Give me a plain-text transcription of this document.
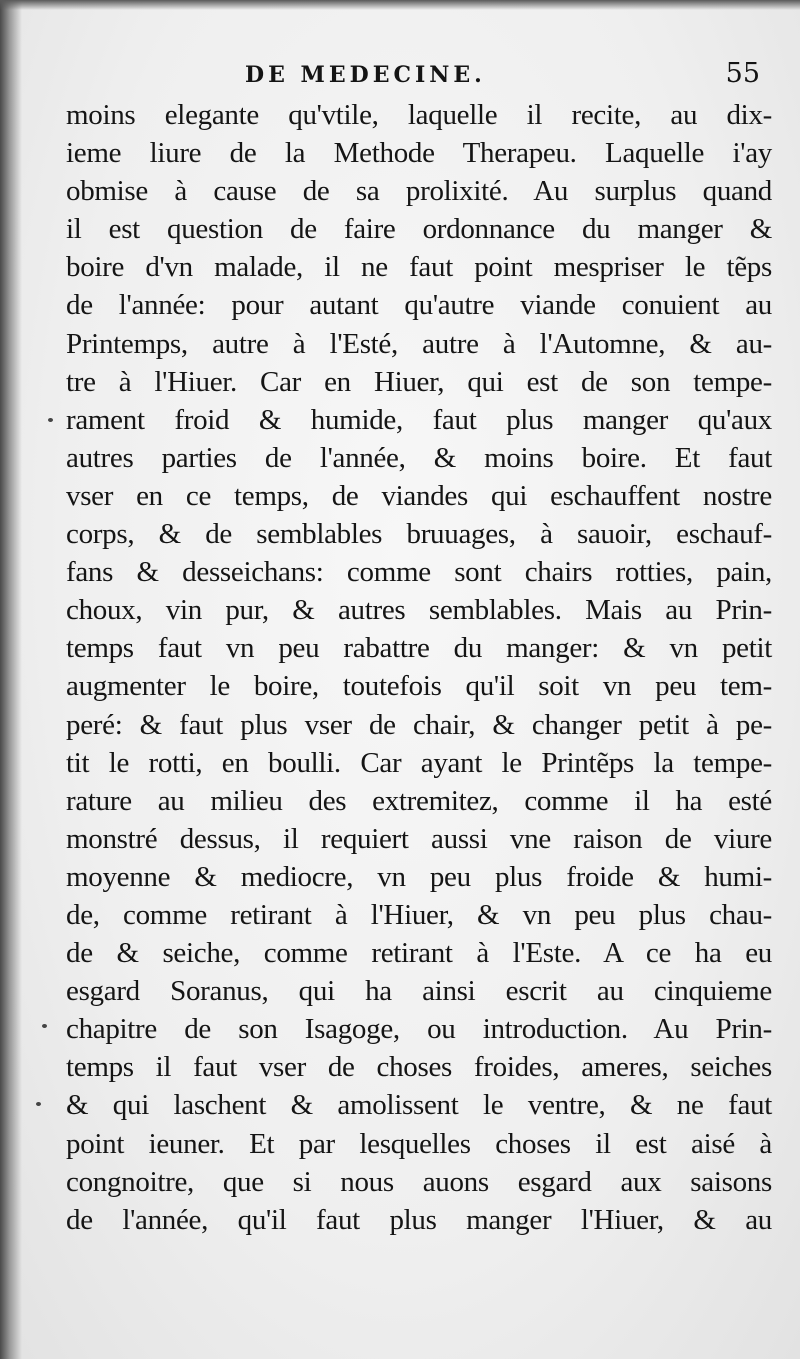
DE MEDECINE.	55
moins elegante qu'vtile, laquelle il recite, au dix-
ieme liure de la Methode Therapeu. Laquelle i'ay
obmise à cause de sa prolixité. Au surplus quand
il est question de faire ordonnance du manger &
boire d'vn malade, il ne faut point mespriser le tẽps
de l'année: pour autant qu'autre viande conuient au
Printemps, autre à l'Esté, autre à l'Automne, & au-
tre à l'Hiuer. Car en Hiuer, qui est de son tempe-
rament froid & humide, faut plus manger qu'aux
autres parties de l'année, & moins boire. Et faut
vser en ce temps, de viandes qui eschauffent nostre
corps, & de semblables bruuages, à sauoir, eschauf-
fans & desseichans: comme sont chairs rotties, pain,
choux, vin pur, & autres semblables. Mais au Prin-
temps faut vn peu rabattre du manger: & vn petit
augmenter le boire, toutefois qu'il soit vn peu tem-
peré: & faut plus vser de chair, & changer petit à pe-
tit le rotti, en boulli. Car ayant le Printẽps la tempe-
rature au milieu des extremitez, comme il ha esté
monstré dessus, il requiert aussi vne raison de viure
moyenne & mediocre, vn peu plus froide & humi-
de, comme retirant à l'Hiuer, & vn peu plus chau-
de & seiche, comme retirant à l'Este. A ce ha eu
esgard Soranus, qui ha ainsi escrit au cinquieme
chapitre de son Isagoge, ou introduction. Au Prin-
temps il faut vser de choses froides, ameres, seiches
& qui laschent & amolissent le ventre, & ne faut
point ieuner. Et par lesquelles choses il est aisé à
congnoitre, que si nous auons esgard aux saisons
de l'année, qu'il faut plus manger l'Hiuer, & au
